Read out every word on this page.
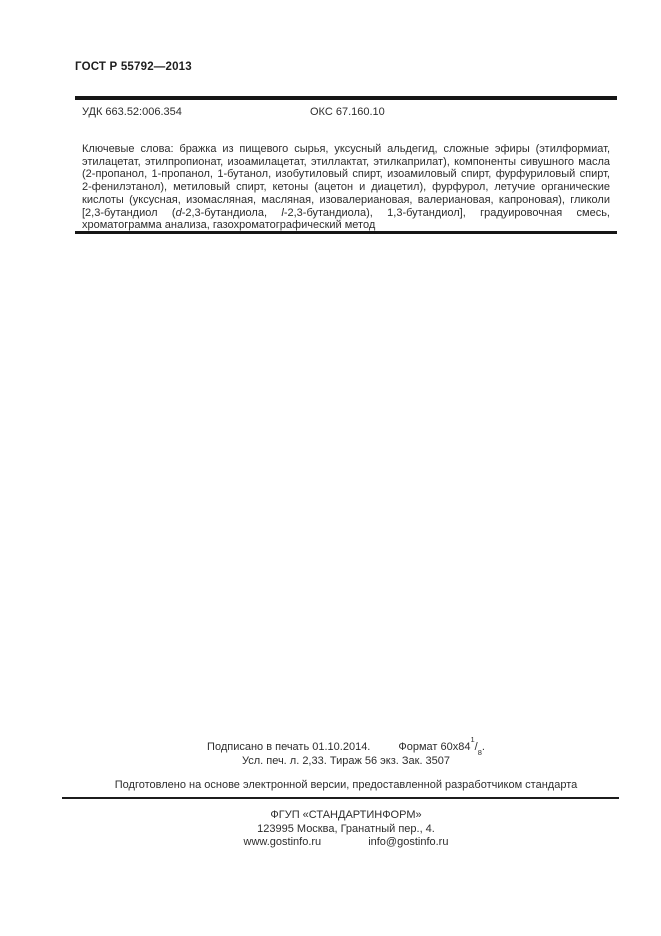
ГОСТ Р 55792—2013
УДК 663.52:006.354	ОКС 67.160.10

Ключевые слова: бражка из пищевого сырья, уксусный альдегид, сложные эфиры (этилформиат, этилацетат, этилпропионат, изоамилацетат, этиллактат, этилкаприлат), компоненты сивушного масла (2-пропанол, 1-пропанол, 1-бутанол, изобутиловый спирт, изоамиловый спирт, фурфуриловый спирт, 2-фенилэтанол), метиловый спирт, кетоны (ацетон и диацетил), фурфурол, летучие органические кислоты (уксусная, изомасляная, масляная, изовалериановая, валериановая, капроновая), гликоли [2,3-бутандиол (d-2,3-бутандиола, l-2,3-бутандиола), 1,3-бутандиол], градуировочная смесь, хроматограмма анализа, газохроматографический метод

Подписано в печать 01.10.2014.	Формат $60х84^1/_8$.
Усл. печ. л. 2,33. Тираж 56 экз. Зак. 3507
Подготовлено на основе электронной версии, предоставленной разработчиком стандарта
ФГУП «СТАНДАРТИНФОРМ»
123995 Москва, Гранатный пер., 4.
www.gostinfo.ru	info@gostinfo.ru
